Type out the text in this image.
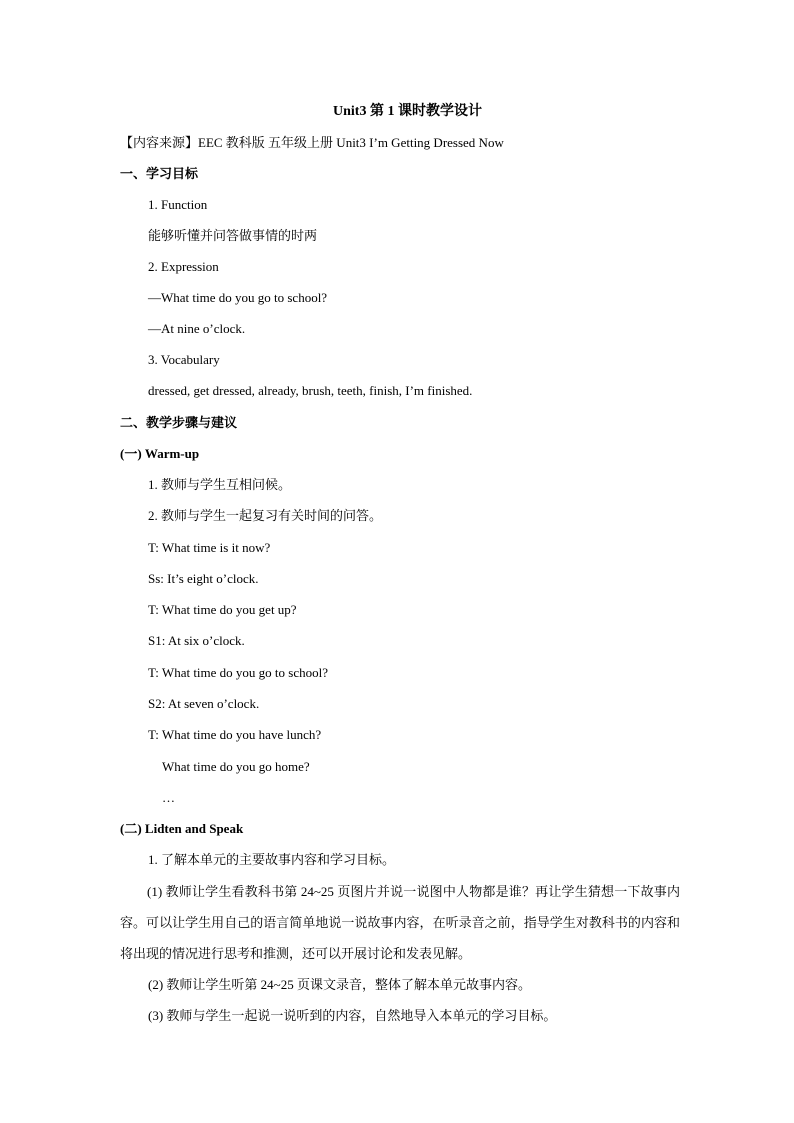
Unit3 第 1 课时教学设计
【内容来源】EEC 教科版 五年级上册 Unit3 I’m Getting Dressed Now
一、学习目标
1. Function
能够听懂并问答做事情的时两
2. Expression
—What time do you go to school?
—At nine o’clock.
3. Vocabulary
dressed, get dressed, already, brush, teeth, finish, I’m finished.
二、教学步骤与建议
(一) Warm-up
1. 教师与学生互相问候。
2. 教师与学生一起复习有关时间的问答。
T: What time is it now?
Ss: It’s eight o’clock.
T: What time do you get up?
S1: At six o’clock.
T: What time do you go to school?
S2: At seven o’clock.
T: What time do you have lunch?
What time do you go home?
…
(二) Lidten and Speak
1. 了解本单元的主要故事内容和学习目标。
(1) 教师让学生看教科书第 24~25 页图片并说一说图中人物都是谁？再让学生猜想一下故事内容。可以让学生用自己的语言简单地说一说故事内容，在听录音之前，指导学生对教科书的内容和将出现的情况进行思考和推测，还可以开展讨论和发表见解。
(2) 教师让学生听第 24~25 页课文录音，整体了解本单元故事内容。
(3) 教师与学生一起说一说听到的内容，自然地导入本单元的学习目标。
